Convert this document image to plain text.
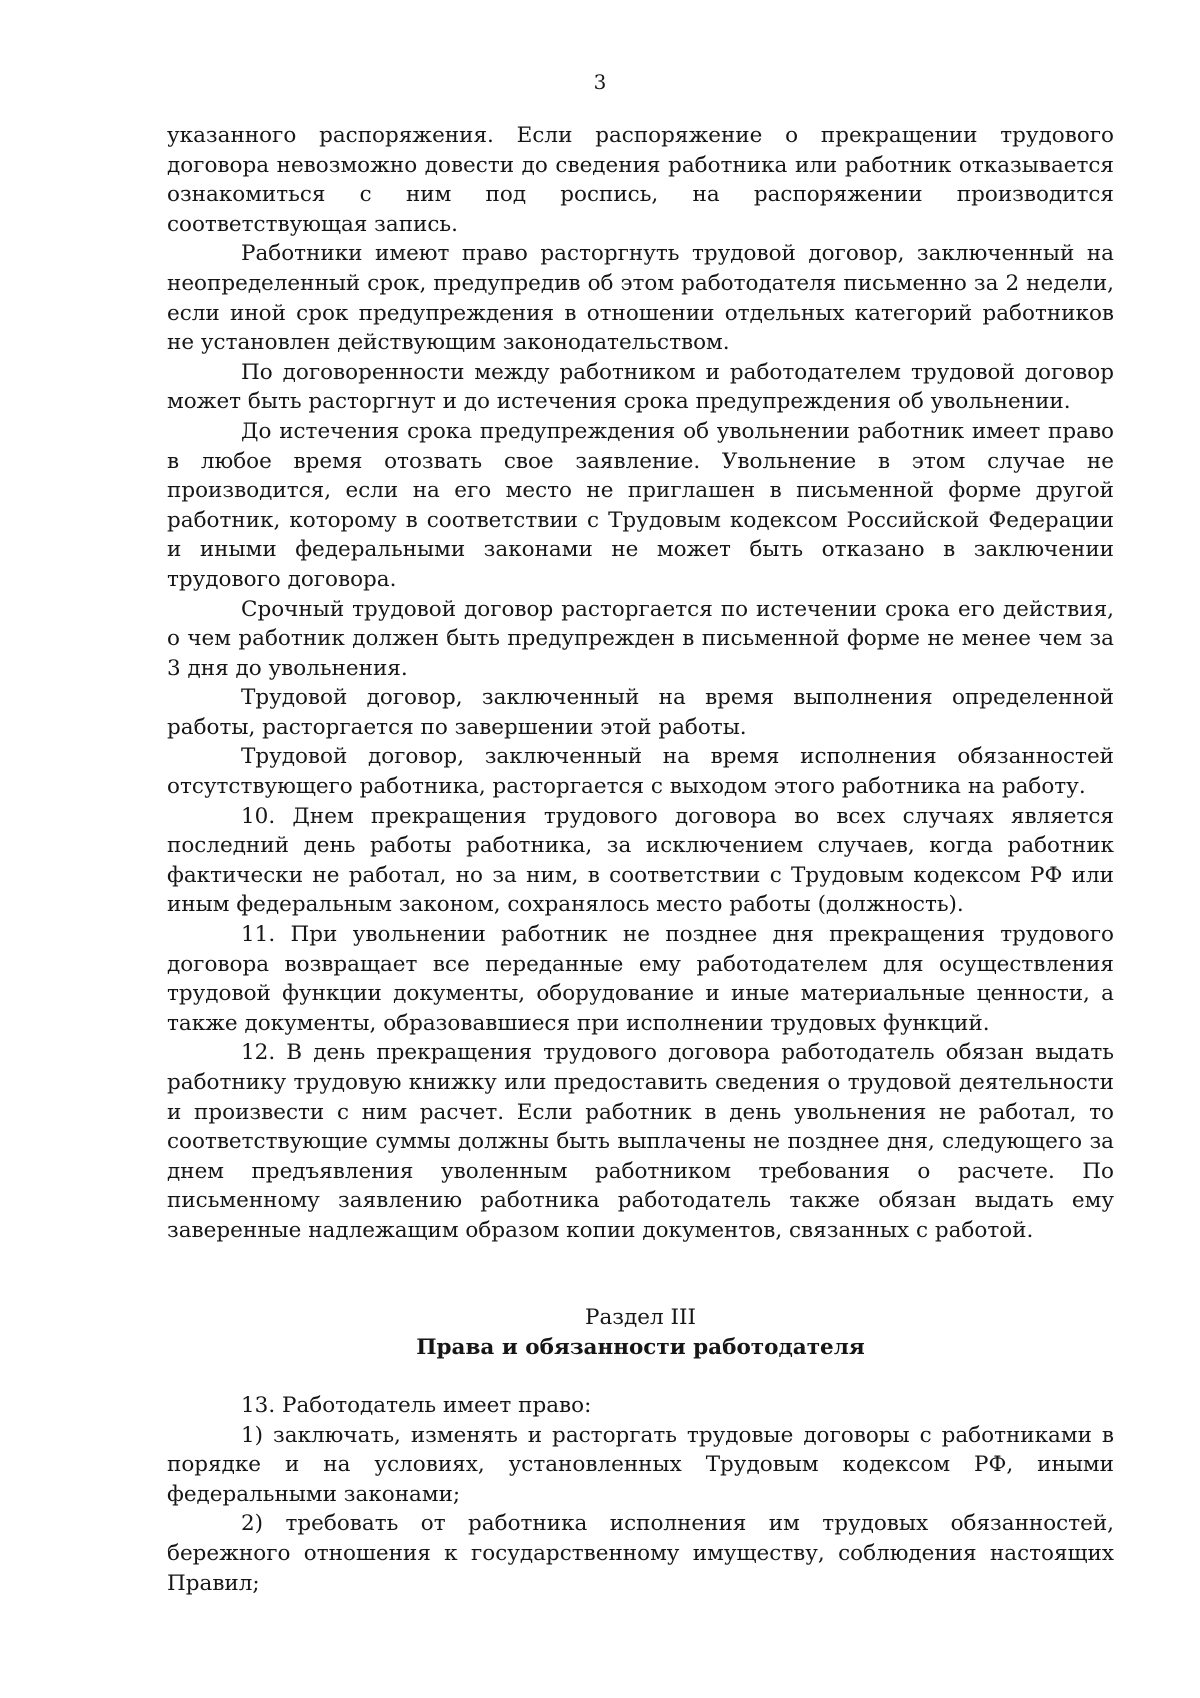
3

указанного распоряжения. Если распоряжение о прекращении трудового договора невозможно довести до сведения работника или работник отказывается ознакомиться с ним под роспись, на распоряжении производится соответствующая запись.

Работники имеют право расторгнуть трудовой договор, заключенный на неопределенный срок, предупредив об этом работодателя письменно за 2 недели, если иной срок предупреждения в отношении отдельных категорий работников не установлен действующим законодательством.

По договоренности между работником и работодателем трудовой договор может быть расторгнут и до истечения срока предупреждения об увольнении.

До истечения срока предупреждения об увольнении работник имеет право в любое время отозвать свое заявление. Увольнение в этом случае не производится, если на его место не приглашен в письменной форме другой работник, которому в соответствии с Трудовым кодексом Российской Федерации и иными федеральными законами не может быть отказано в заключении трудового договора.

Срочный трудовой договор расторгается по истечении срока его действия, о чем работник должен быть предупрежден в письменной форме не менее чем за 3 дня до увольнения.

Трудовой договор, заключенный на время выполнения определенной работы, расторгается по завершении этой работы.

Трудовой договор, заключенный на время исполнения обязанностей отсутствующего работника, расторгается с выходом этого работника на работу.

10. Днем прекращения трудового договора во всех случаях является последний день работы работника, за исключением случаев, когда работник фактически не работал, но за ним, в соответствии с Трудовым кодексом РФ или иным федеральным законом, сохранялось место работы (должность).

11. При увольнении работник не позднее дня прекращения трудового договора возвращает все переданные ему работодателем для осуществления трудовой функции документы, оборудование и иные материальные ценности, а также документы, образовавшиеся при исполнении трудовых функций.

12. В день прекращения трудового договора работодатель обязан выдать работнику трудовую книжку или предоставить сведения о трудовой деятельности и произвести с ним расчет. Если работник в день увольнения не работал, то соответствующие суммы должны быть выплачены не позднее дня, следующего за днем предъявления уволенным работником требования о расчете. По письменному заявлению работника работодатель также обязан выдать ему заверенные надлежащим образом копии документов, связанных с работой.

Раздел III
Права и обязанности работодателя

13. Работодатель имеет право:

1) заключать, изменять и расторгать трудовые договоры с работниками в порядке и на условиях, установленных Трудовым кодексом РФ, иными федеральными законами;

2) требовать от работника исполнения им трудовых обязанностей, бережного отношения к государственному имуществу, соблюдения настоящих Правил;
